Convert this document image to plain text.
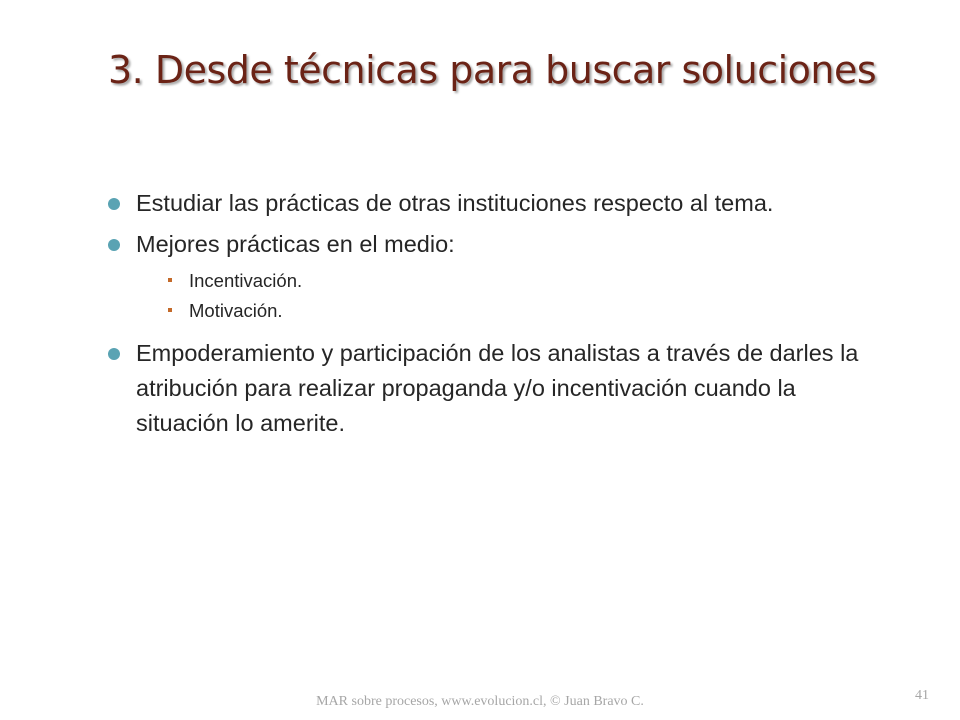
3. Desde técnicas para buscar soluciones
Estudiar las prácticas de otras instituciones respecto al tema.
Mejores prácticas en el medio:
Incentivación.
Motivación.
Empoderamiento y participación de los analistas a través de darles la atribución para realizar propaganda y/o incentivación cuando la situación lo amerite.
MAR sobre procesos, www.evolucion.cl, © Juan Bravo C.	41
